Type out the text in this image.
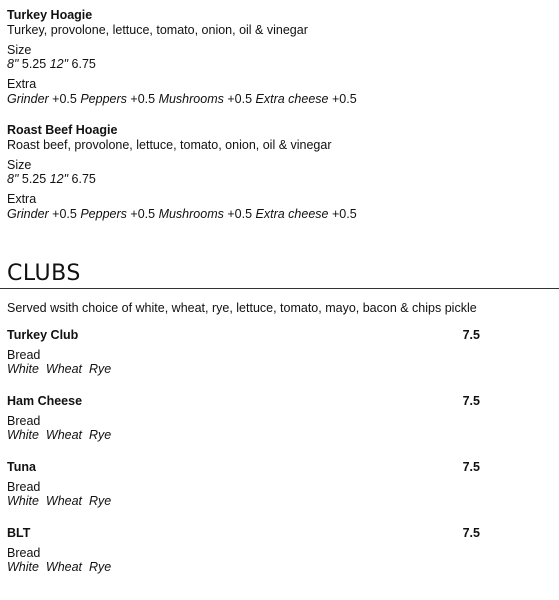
Turkey Hoagie
Turkey, provolone, lettuce, tomato, onion, oil & vinegar
Size
8" 5.25 12" 6.75
Extra
Grinder +0.5 Peppers +0.5 Mushrooms +0.5 Extra cheese +0.5
Roast Beef Hoagie
Roast beef, provolone, lettuce, tomato, onion, oil & vinegar
Size
8" 5.25 12" 6.75
Extra
Grinder +0.5 Peppers +0.5 Mushrooms +0.5 Extra cheese +0.5
CLUBS
Served wsith choice of white, wheat, rye, lettuce, tomato, mayo, bacon & chips pickle
Turkey Club	7.5
Bread
White Wheat Rye
Ham Cheese	7.5
Bread
White Wheat Rye
Tuna	7.5
Bread
White Wheat Rye
BLT	7.5
Bread
White Wheat Rye
